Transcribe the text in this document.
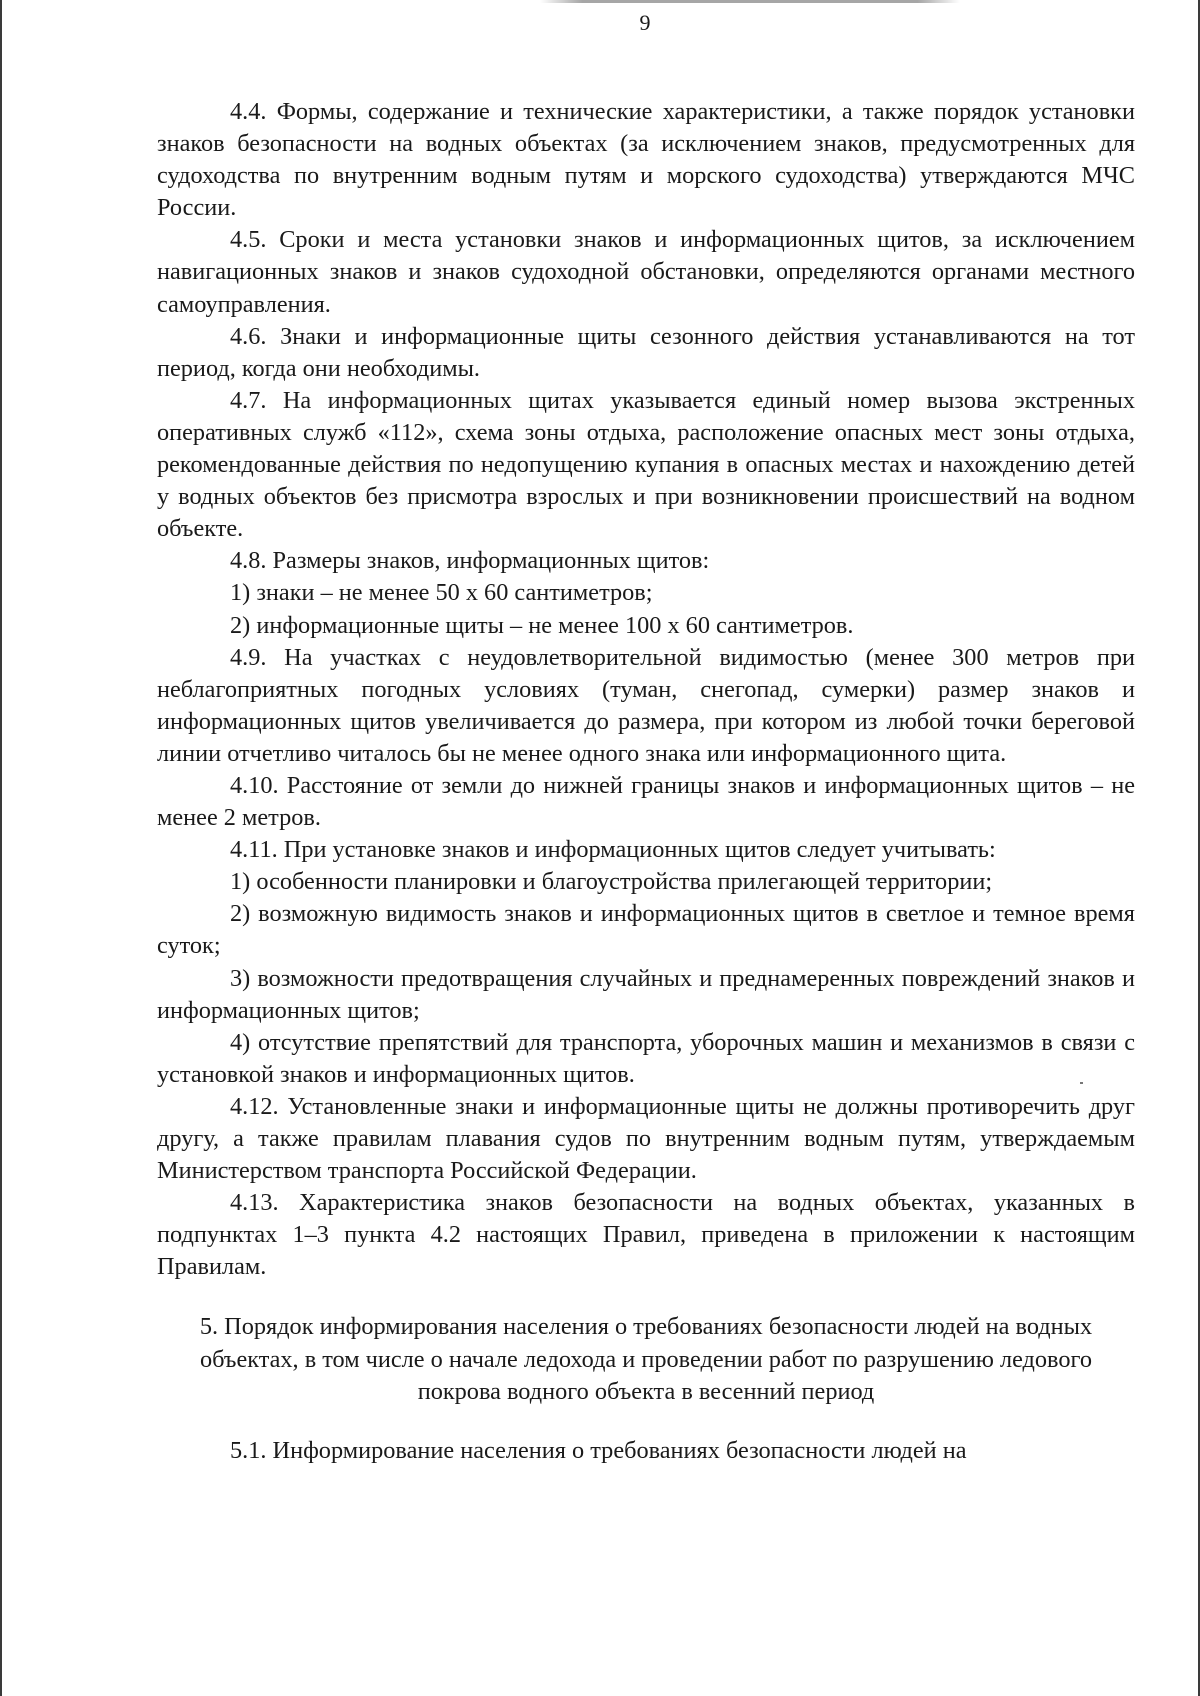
9

4.4. Формы, содержание и технические характеристики, а также порядок установки знаков безопасности на водных объектах (за исключением знаков, предусмотренных для судоходства по внутренним водным путям и морского судоходства) утверждаются МЧС России.

4.5. Сроки и места установки знаков и информационных щитов, за исключением навигационных знаков и знаков судоходной обстановки, определяются органами местного самоуправления.

4.6. Знаки и информационные щиты сезонного действия устанавливаются на тот период, когда они необходимы.

4.7. На информационных щитах указывается единый номер вызова экстренных оперативных служб «112», схема зоны отдыха, расположение опасных мест зоны отдыха, рекомендованные действия по недопущению купания в опасных местах и нахождению детей у водных объектов без присмотра взрослых и при возникновении происшествий на водном объекте.

4.8. Размеры знаков, информационных щитов:

1) знаки – не менее 50 х 60 сантиметров;

2) информационные щиты – не менее 100 х 60 сантиметров.

4.9. На участках с неудовлетворительной видимостью (менее 300 метров при неблагоприятных погодных условиях (туман, снегопад, сумерки) размер знаков и информационных щитов увеличивается до размера, при котором из любой точки береговой линии отчетливо читалось бы не менее одного знака или информационного щита.

4.10. Расстояние от земли до нижней границы знаков и информационных щитов – не менее 2 метров.

4.11. При установке знаков и информационных щитов следует учитывать:

1) особенности планировки и благоустройства прилегающей территории;

2) возможную видимость знаков и информационных щитов в светлое и темное время суток;

3) возможности предотвращения случайных и преднамеренных повреждений знаков и информационных щитов;

4) отсутствие препятствий для транспорта, уборочных машин и механизмов в связи с установкой знаков и информационных щитов.

4.12. Установленные знаки и информационные щиты не должны противоречить друг другу, а также правилам плавания судов по внутренним водным путям, утверждаемым Министерством транспорта Российской Федерации.

4.13. Характеристика знаков безопасности на водных объектах, указанных в подпунктах 1–3 пункта 4.2 настоящих Правил, приведена в приложении к настоящим Правилам.

5. Порядок информирования населения о требованиях безопасности людей на водных объектах, в том числе о начале ледохода и проведении работ по разрушению ледового покрова водного объекта в весенний период

5.1. Информирование населения о требованиях безопасности людей на
